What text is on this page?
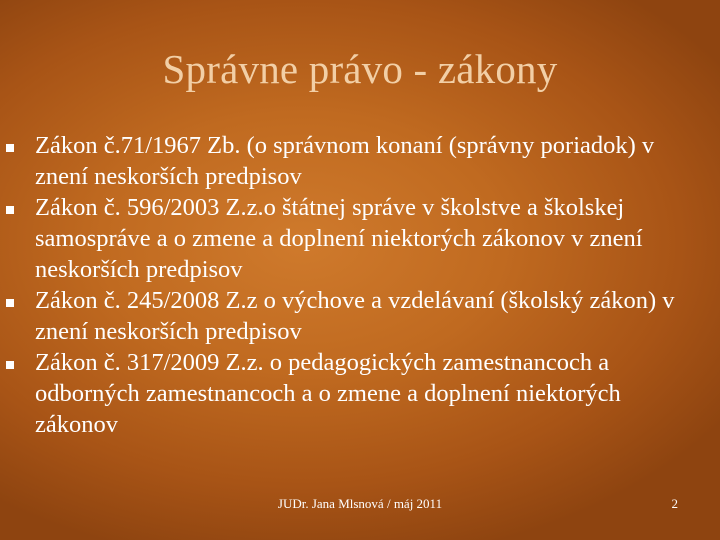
Správne právo - zákony
Zákon č.71/1967 Zb. (o správnom konaní (správny poriadok) v znení neskorších predpisov
Zákon č. 596/2003 Z.z.o štátnej správe v školstve a školskej samospráve a o zmene a doplnení niektorých zákonov v znení neskorších predpisov
Zákon č. 245/2008 Z.z o výchove a vzdelávaní (školský zákon) v znení neskorších predpisov
Zákon č. 317/2009 Z.z. o pedagogických zamestnancoch a odborných zamestnancoch a o zmene a doplnení niektorých zákonov
JUDr. Jana Mlsnová / máj 2011	2
